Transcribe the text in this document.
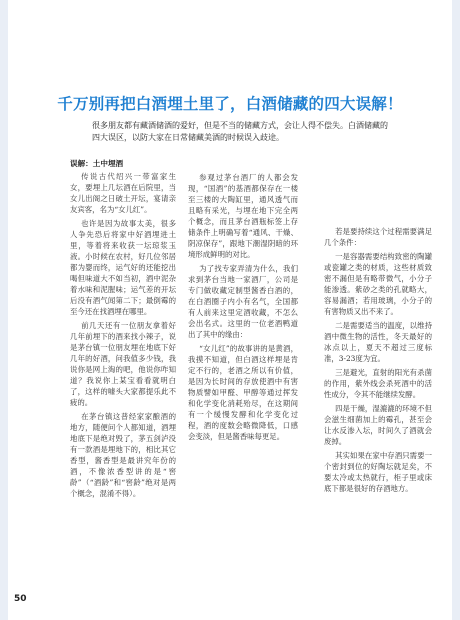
千万别再把白酒埋土里了，白酒储藏的四大误解！

很多朋友都有藏酒储酒的爱好，但是不当的储藏方式，会让人得不偿失。白酒储藏的四大误区，以防大家在日常储藏美酒的时候误入歧途。

误解：土中埋酒

传说古代绍兴一带富家生女，要埋上几坛酒在后院里，当女儿出阁之日破土开坛，宴请亲友宾客，名为“女儿红”。

也许是因为故事太美，很多人争先恐后将家中好酒埋进土里，等着将来收获一坛琼浆玉液。小时候在农村，好几位邻居都为婴而终，运气好的还能挖出喝但味道大不如当初，酒中泥杂着水味和泥腥味；运气差的开坛后没有酒气闻第二下；最倒霉的至今还在找酒埋在哪里。

前几天还有一位朋友拿着好几年前埋下的酒来找小辣子，说是茅台镇一位朋友埋在地底下好几年的好酒，问我值多少钱，我说你是网上淘的吧，他说你咋知道？我说你上某宝看看就明白了，这样的噱头大家都提乐此不疲的。

在茅台镇这普经家家酿酒的地方，随便问个人都知道，酒埋地底下是绝对毁了，茅五剑泸没有一款酒是埋地下的，相比其它香型，酱香型是最讲究年份的酒，不像浓香型讲的是“窖龄”（“酒龄”和“窖龄”绝对是两个概念，混淆不得）。

参观过茅台酒厂的人都会发现，“国酒”的基酒都保存在一楼至三楼的大陶缸里，通风透气而且略有采光，与埋在地下完全两个概念，而且茅台酒瓶标签上存储条件上明确写着“通风、干燥、阴凉保存”，跟地下潮湿阴暗的环境形成鲜明的对比。

为了找专家弄清为什么，我们求到茅台当地一家酒厂，公司是专门做收藏定制型酱香白酒的，在白酒圈子内小有名气，全国都有人前来这里定酒收藏，不怎么会出名式。这里的一位老酒鸭道出了其中的缘由：

“女儿红”的故事讲的是黄酒，我摸不知道，但白酒这样埋是肯定不行的，老酒之所以有价值，是因为长时间的存放使酒中有害物质譬如甲醛、甲醇等通过挥发和化学变化消耗殆尽，在这期间有一个缓慢发酵和化学变化过程，酒的度数会略微降低，口感会变淡，但是酱香味每更足。

若是要持续这个过程需要满足几个条件：

一是容器需要结构致密的陶罐或瓷罐之类的材质，这些材质致密不漏但是有略带微气，小分子能渗透。紫砂之类的孔就略大，容易漏酒；若用玻璃，小分子的有害物质又出不来了。

二是需要适当的温度，以维持酒中微生物的活性，冬天最好的冰点以上，夏天不超过三度标准，3-23度为宜。

三是避光，直射的阳光有杀菌的作用，紫外线会杀死酒中的活性成分，令其不能继续发酵。

四是干燥，湿漉漉的环境不但会滋生细菌加上的霉孔，甚至会让水反渗入坛，时间久了酒就会废掉。

其实如果在家中存酒只需要一个密封到位的好陶坛就足矣，不要太冷或太热就行，柜子里或床底下都是很好的存酒地方。

50
